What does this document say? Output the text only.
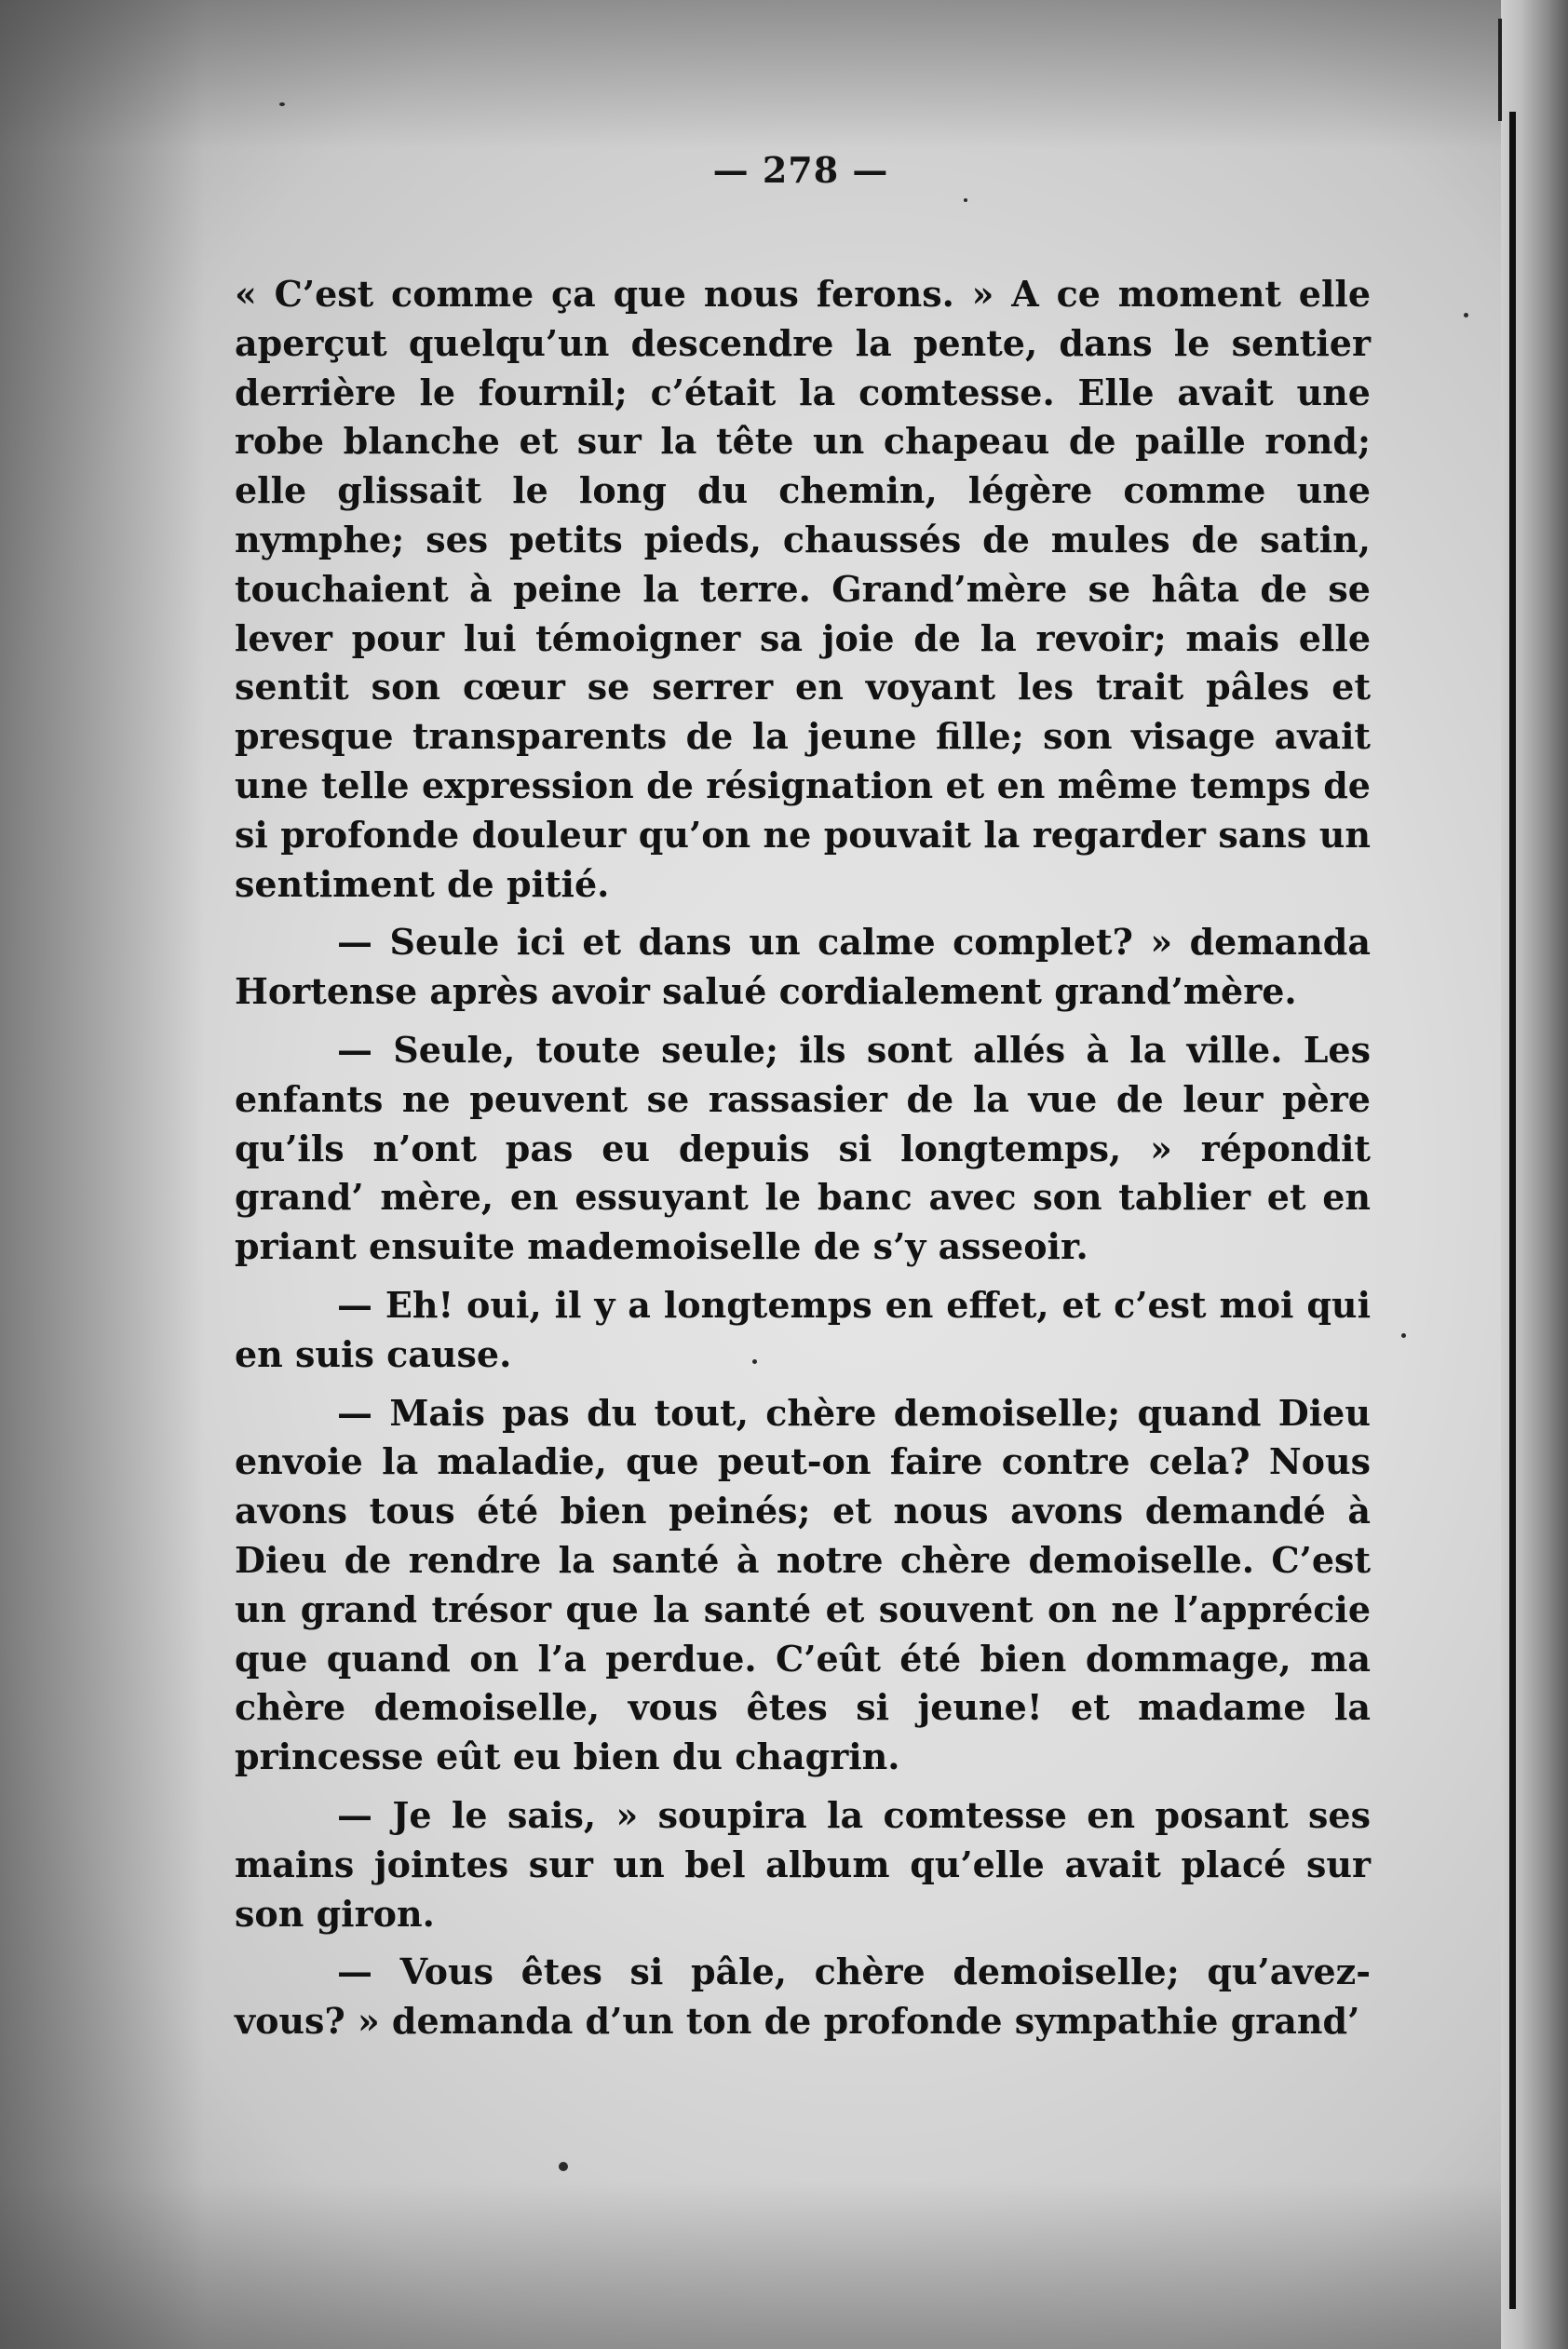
— 278 —

« C’est comme ça que nous ferons. » A ce moment elle aperçut quelqu’un descendre la pente, dans le sentier derrière le fournil; c’était la comtesse. Elle avait une robe blanche et sur la tête un chapeau de paille rond; elle glissait le long du chemin, légère comme une nymphe; ses petits pieds, chaussés de mules de satin, touchaient à peine la terre. Grand’mère se hâta de se lever pour lui témoigner sa joie de la revoir; mais elle sentit son cœur se serrer en voyant les trait pâles et presque transparents de la jeune fille; son visage avait une telle expression de résignation et en même temps de si profonde douleur qu’on ne pouvait la regarder sans un sentiment de pitié.

— Seule ici et dans un calme complet? » demanda Hortense après avoir salué cordialement grand’mère.

— Seule, toute seule; ils sont allés à la ville. Les enfants ne peuvent se rassasier de la vue de leur père qu’ils n’ont pas eu depuis si longtemps, » répondit grand’ mère, en essuyant le banc avec son tablier et en priant ensuite mademoiselle de s’y asseoir.

— Eh! oui, il y a longtemps en effet, et c’est moi qui en suis cause.

— Mais pas du tout, chère demoiselle; quand Dieu envoie la maladie, que peut-on faire contre cela? Nous avons tous été bien peinés; et nous avons demandé à Dieu de rendre la santé à notre chère demoiselle. C’est un grand trésor que la santé et souvent on ne l’apprécie que quand on l’a perdue. C’eût été bien dommage, ma chère demoiselle, vous êtes si jeune! et madame la princesse eût eu bien du chagrin.

— Je le sais, » soupira la comtesse en posant ses mains jointes sur un bel album qu’elle avait placé sur son giron.

— Vous êtes si pâle, chère demoiselle; qu’avez-vous? » demanda d’un ton de profonde sympathie grand’
